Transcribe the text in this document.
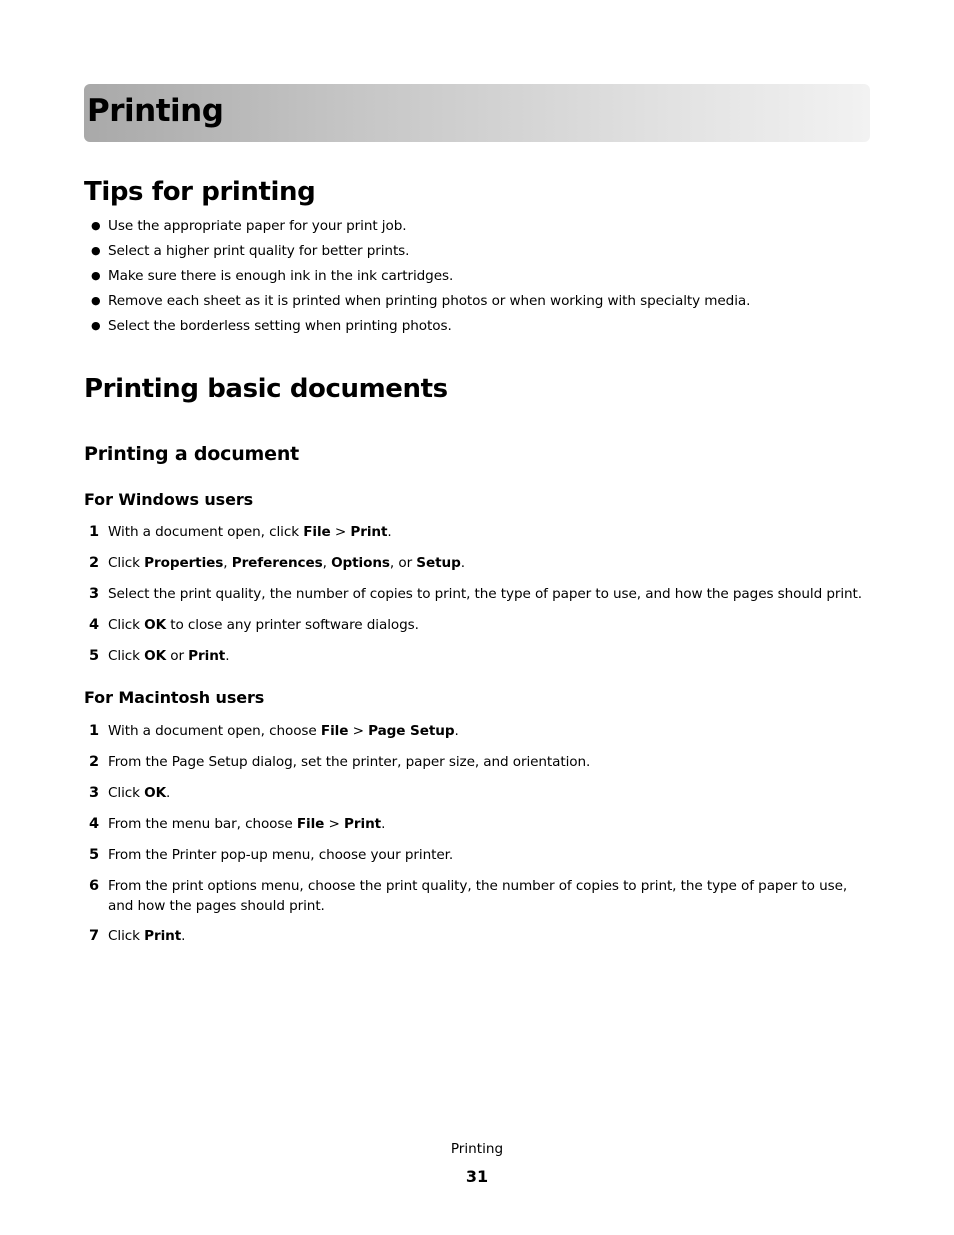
Printing
Tips for printing
● Use the appropriate paper for your print job.
● Select a higher print quality for better prints.
● Make sure there is enough ink in the ink cartridges.
● Remove each sheet as it is printed when printing photos or when working with specialty media.
● Select the borderless setting when printing photos.
Printing basic documents
Printing a document
For Windows users
1 With a document open, click File > Print.
2 Click Properties, Preferences, Options, or Setup.
3 Select the print quality, the number of copies to print, the type of paper to use, and how the pages should print.
4 Click OK to close any printer software dialogs.
5 Click OK or Print.
For Macintosh users
1 With a document open, choose File > Page Setup.
2 From the Page Setup dialog, set the printer, paper size, and orientation.
3 Click OK.
4 From the menu bar, choose File > Print.
5 From the Printer pop-up menu, choose your printer.
6 From the print options menu, choose the print quality, the number of copies to print, the type of paper to use, and how the pages should print.
7 Click Print.
Printing
31
